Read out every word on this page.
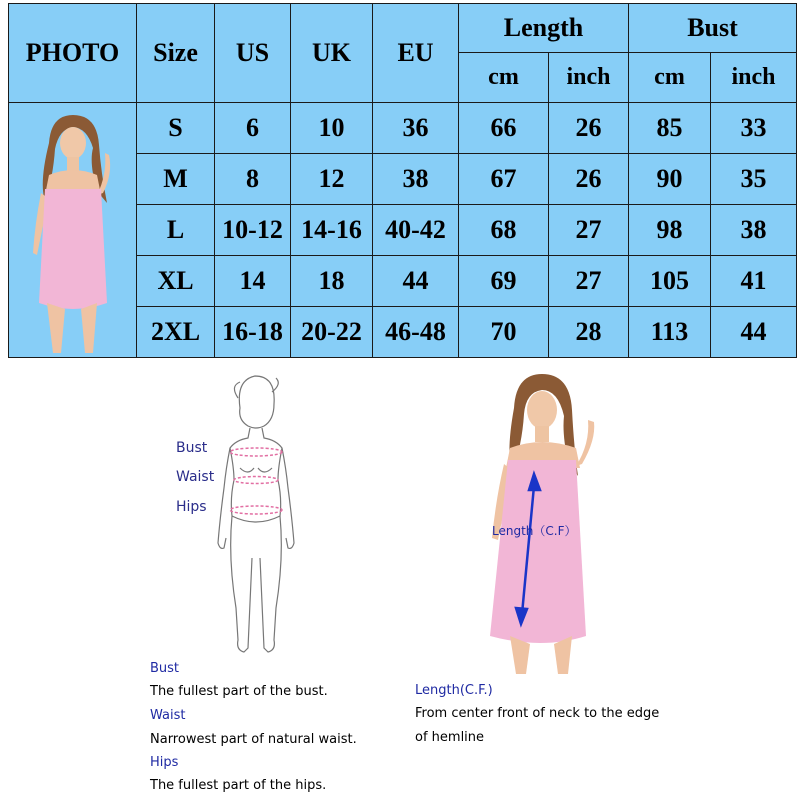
PHOTO	Size	US	UK	EU	Length		Bust	
					cm	inch	cm	inch

	S	6	10	36	66	26	85	33
	M	8	12	38	67	26	90	35
	L	10-12	14-16	40-42	68	27	98	38
	XL	14	18	44	69	27	105	41
	2XL	16-18	20-22	46-48	70	28	113	44
Bust
Waist
Hips
Length（C.F）
Bust
The fullest part of the bust.
Waist
Narrowest part of natural waist.
Hips
The fullest part of the hips.
Length(C.F.)
From center front of neck to the edge
of hemline
